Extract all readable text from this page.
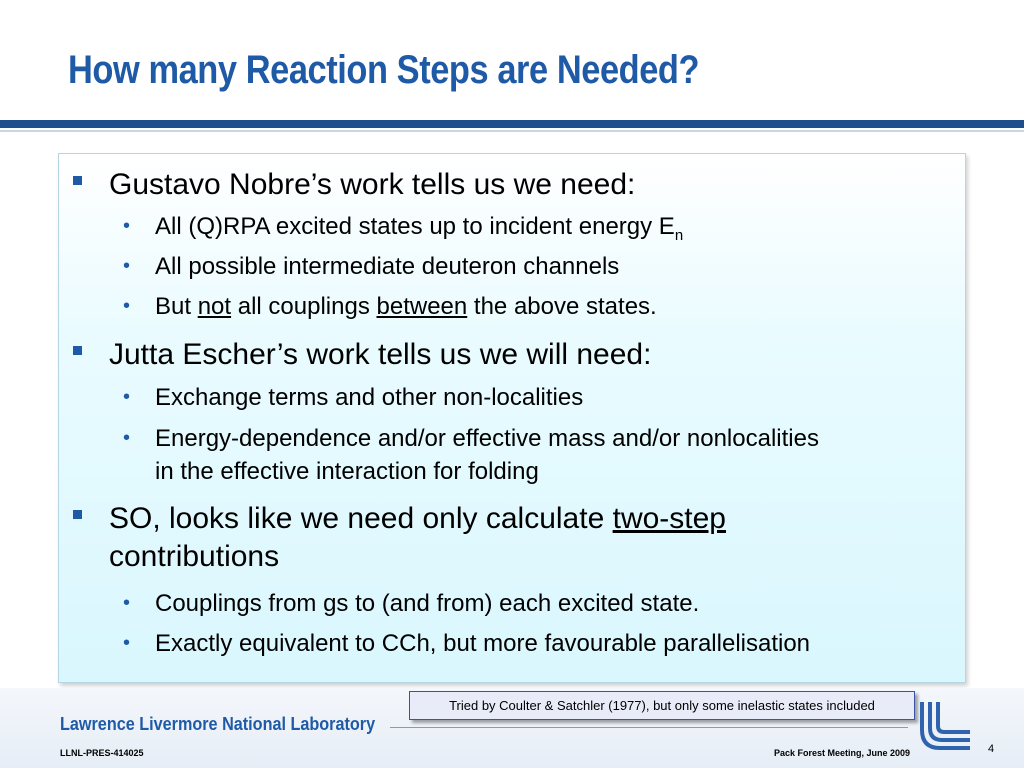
How many Reaction Steps are Needed?
Gustavo Nobre’s work tells us we need:
• All (Q)RPA excited states up to incident energy $E_n$
• All possible intermediate deuteron channels
• But not all couplings between the above states.
Jutta Escher’s work tells us we will need:
• Exchange terms and other non-localities
• Energy-dependence and/or effective mass and/or nonlocalities
in the effective interaction for folding
SO, looks like we need only calculate two-step
contributions
• Couplings from gs to (and from) each excited state.
• Exactly equivalent to CCh, but more favourable parallelisation
Tried by Coulter & Satchler (1977), but only some inelastic states included
Lawrence Livermore National Laboratory
LLNL-PRES-414025	Pack Forest Meeting, June 2009	4
